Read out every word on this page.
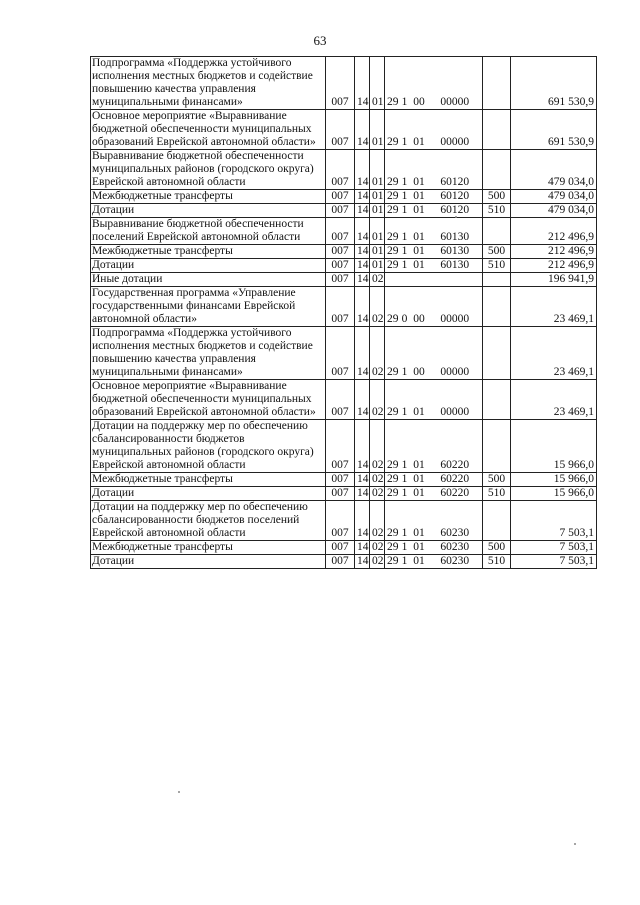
63
Подпрограмма «Поддержка устойчивого исполнения местных бюджетов и содействие повышению качества управления муниципальными финансами»	007	14	01	29	1	00	00000		691 530,9
Основное мероприятие «Выравнивание бюджетной обеспеченности муниципальных образований Еврейской автономной области»	007	14	01	29	1	01	00000		691 530,9
Выравнивание бюджетной обеспеченности муниципальных районов (городского округа) Еврейской автономной области	007	14	01	29	1	01	60120		479 034,0
Межбюджетные трансферты	007	14	01	29	1	01	60120	500	479 034,0
Дотации	007	14	01	29	1	01	60120	510	479 034,0
Выравнивание бюджетной обеспеченности поселений Еврейской автономной области	007	14	01	29	1	01	60130		212 496,9
Межбюджетные трансферты	007	14	01	29	1	01	60130	500	212 496,9
Дотации	007	14	01	29	1	01	60130	510	212 496,9
Иные дотации	007	14	02						196 941,9
Государственная программа «Управление государственными финансами Еврейской автономной области»	007	14	02	29	0	00	00000		23 469,1
Подпрограмма «Поддержка устойчивого исполнения местных бюджетов и содействие повышению качества управления муниципальными финансами»	007	14	02	29	1	00	00000		23 469,1
Основное мероприятие «Выравнивание бюджетной обеспеченности муниципальных образований Еврейской автономной области»	007	14	02	29	1	01	00000		23 469,1
Дотации на поддержку мер по обеспечению сбалансированности бюджетов муниципальных районов (городского округа) Еврейской автономной области	007	14	02	29	1	01	60220		15 966,0
Межбюджетные трансферты	007	14	02	29	1	01	60220	500	15 966,0
Дотации	007	14	02	29	1	01	60220	510	15 966,0
Дотации на поддержку мер по обеспечению сбалансированности бюджетов поселений Еврейской автономной области	007	14	02	29	1	01	60230		7 503,1
Межбюджетные трансферты	007	14	02	29	1	01	60230	500	7 503,1
Дотации	007	14	02	29	1	01	60230	510	7 503,1
